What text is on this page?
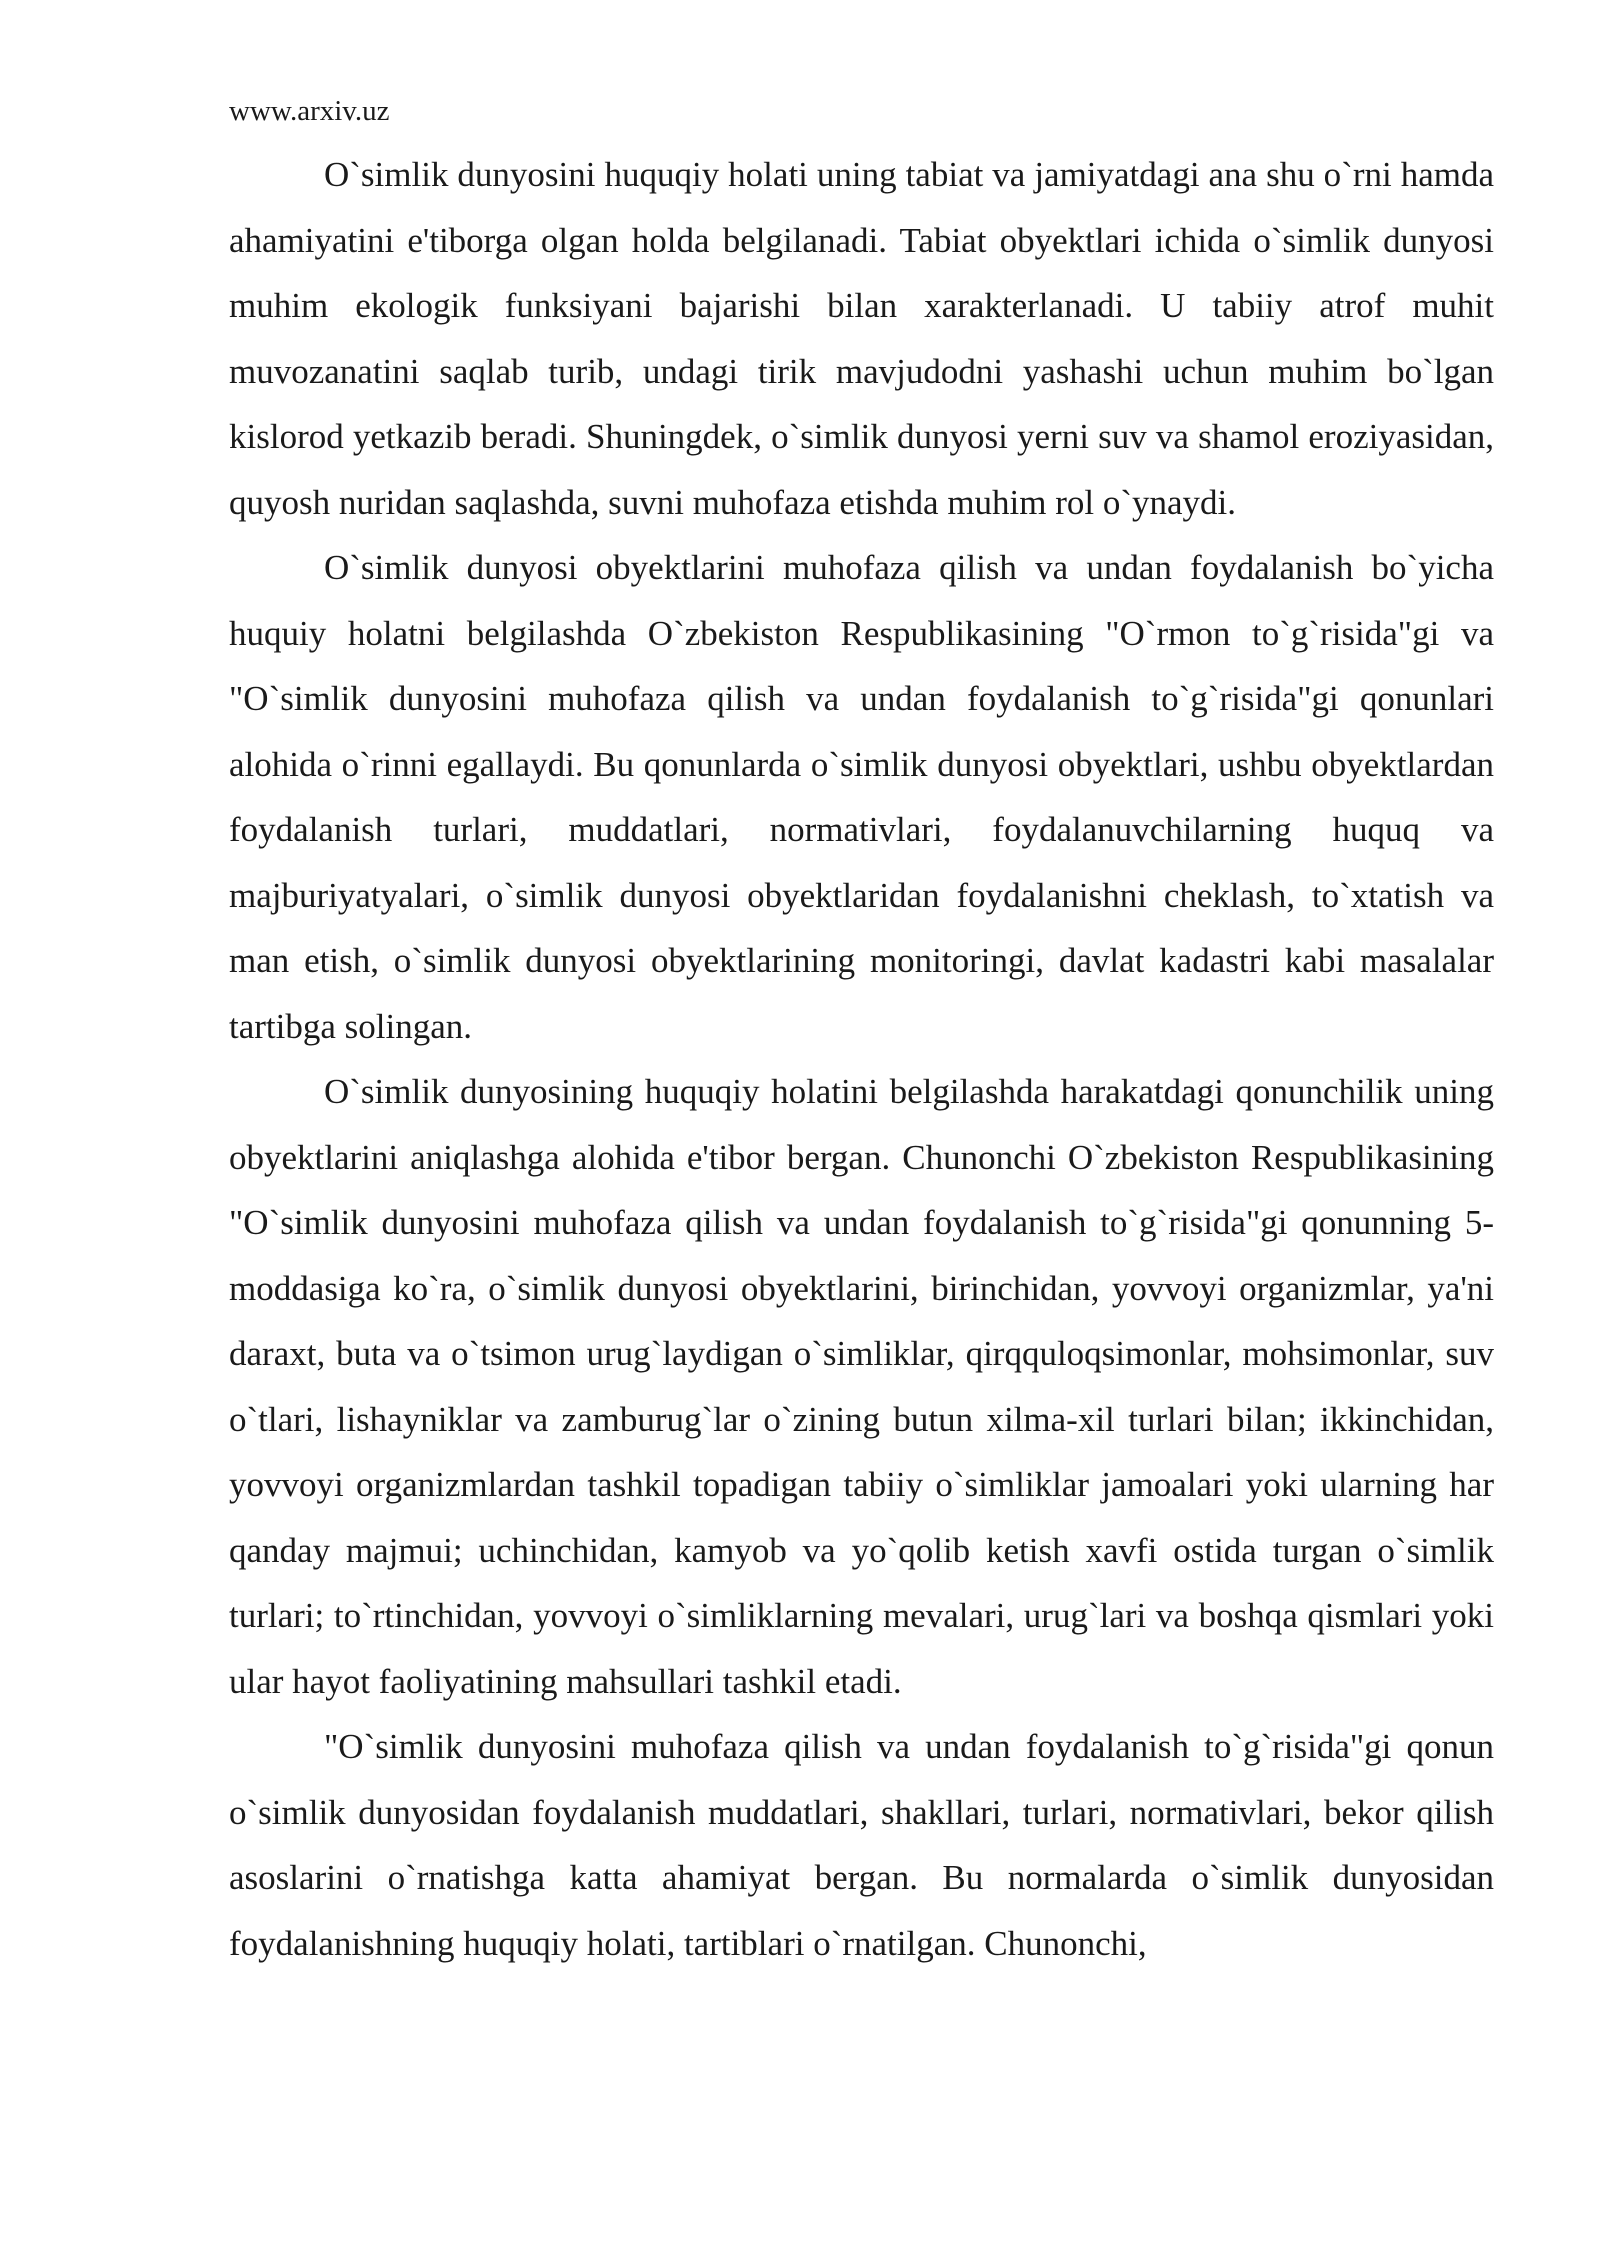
www.arxiv.uz

O`simlik dunyosini huquqiy holati uning tabiat va jamiyatdagi ana shu o`rni hamda ahamiyatini e'tiborga olgan holda belgilanadi. Tabiat obyektlari ichida o`simlik dunyosi muhim ekologik funksiyani bajarishi bilan xarakterlanadi. U tabiiy atrof muhit muvozanatini saqlab turib, undagi tirik mavjudodni yashashi uchun muhim bo`lgan kislorod yetkazib beradi. Shuningdek, o`simlik dunyosi yerni suv va shamol eroziyasidan, quyosh nuridan saqlashda, suvni muhofaza etishda muhim rol o`ynaydi.

O`simlik dunyosi obyektlarini muhofaza qilish va undan foydalanish bo`yicha huquiy holatni belgilashda O`zbekiston Respublikasining "O`rmon to`g`risida"gi va "O`simlik dunyosini muhofaza qilish va undan foydalanish to`g`risida"gi qonunlari alohida o`rinni egallaydi. Bu qonunlarda o`simlik dunyosi obyektlari, ushbu obyektlardan foydalanish turlari, muddatlari, normativlari, foydalanuvchilarning huquq va majburiyatyalari, o`simlik dunyosi obyektlaridan foydalanishni cheklash, to`xtatish va man etish, o`simlik dunyosi obyektlarining monitoringi, davlat kadastri kabi masalalar tartibga solingan.

O`simlik dunyosining huquqiy holatini belgilashda harakatdagi qonunchilik uning obyektlarini aniqlashga alohida e'tibor bergan. Chunonchi O`zbekiston Respublikasining "O`simlik dunyosini muhofaza qilish va undan foydalanish to`g`risida"gi qonunning 5-moddasiga ko`ra, o`simlik dunyosi obyektlarini, birinchidan, yovvoyi organizmlar, ya'ni daraxt, buta va o`tsimon urug`laydigan o`simliklar, qirqquloqsimonlar, mohsimonlar, suv o`tlari, lishayniklar va zamburug`lar o`zining butun xilma-xil turlari bilan; ikkinchidan, yovvoyi organizmlardan tashkil topadigan tabiiy o`simliklar jamoalari yoki ularning har qanday majmui; uchinchidan, kamyob va yo`qolib ketish xavfi ostida turgan o`simlik turlari; to`rtinchidan, yovvoyi o`simliklarning mevalari, urug`lari va boshqa qismlari yoki ular hayot faoliyatining mahsullari tashkil etadi.

"O`simlik dunyosini muhofaza qilish va undan foydalanish to`g`risida"gi qonun o`simlik dunyosidan foydalanish muddatlari, shakllari, turlari, normativlari, bekor qilish asoslarini o`rnatishga katta ahamiyat bergan. Bu normalarda o`simlik dunyosidan foydalanishning huquqiy holati, tartiblari o`rnatilgan. Chunonchi,
